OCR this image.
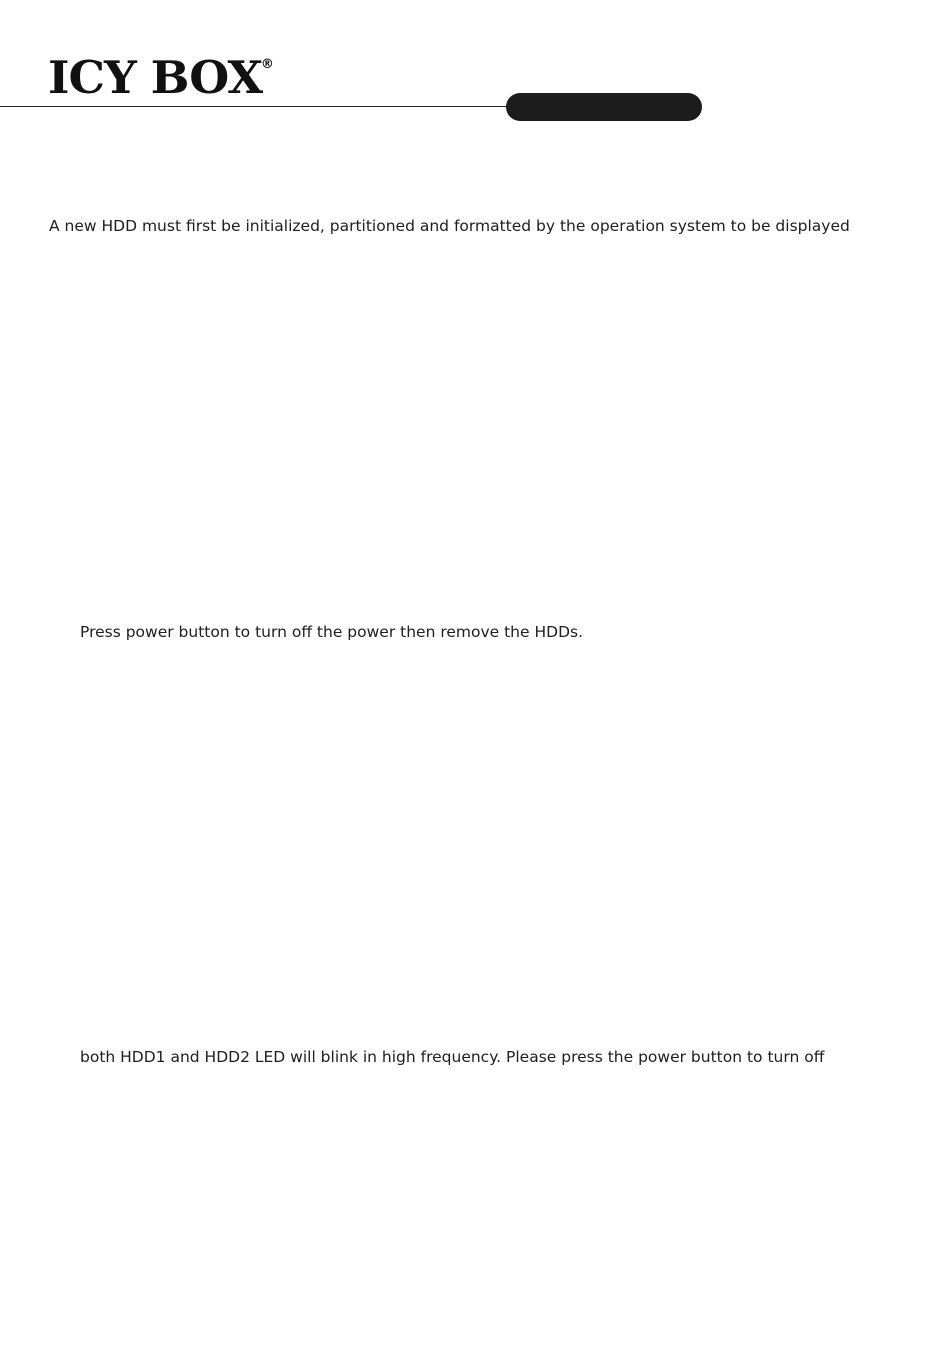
ICY BOX
®
A new HDD must first be initialized, partitioned and formatted by the operation system to be displayed
Press power button to turn off the power then remove the HDDs.
both HDD1 and HDD2 LED will blink in high frequency. Please press the power button to turn off
